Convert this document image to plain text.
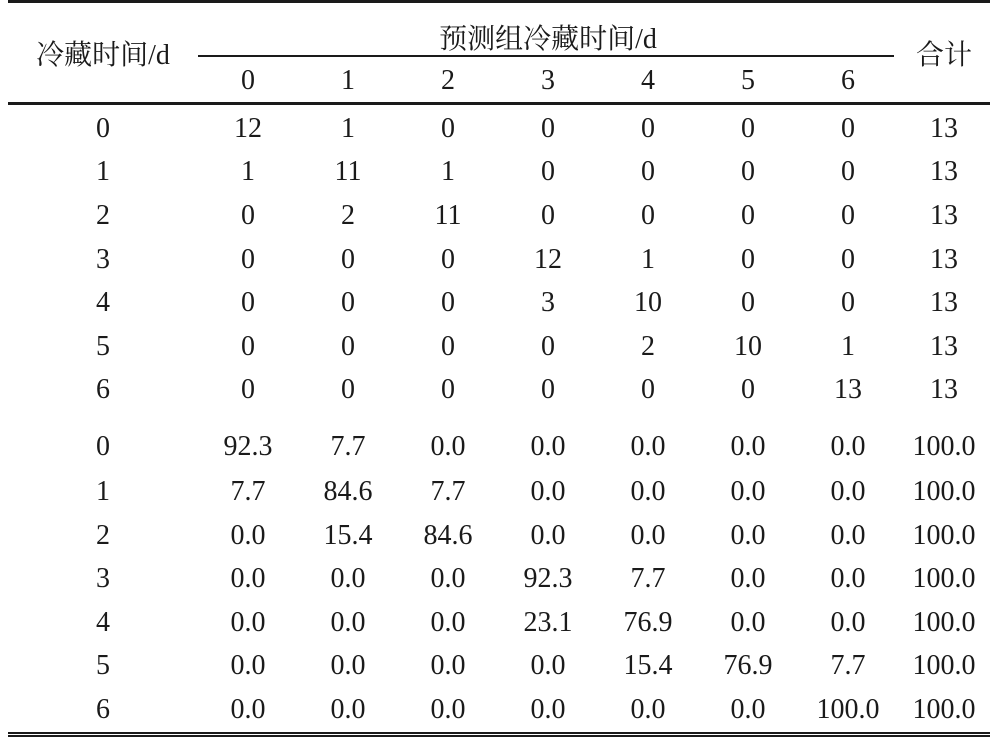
冷藏时间/d	预测组冷藏时间/d							合计
	0	1	2	3	4	5	6	
0	12	1	0	0	0	0	0	13
1	1	11	1	0	0	0	0	13
2	0	2	11	0	0	0	0	13
3	0	0	0	12	1	0	0	13
4	0	0	0	3	10	0	0	13
5	0	0	0	0	2	10	1	13
6	0	0	0	0	0	0	13	13
0	92.3	7.7	0.0	0.0	0.0	0.0	0.0	100.0
1	7.7	84.6	7.7	0.0	0.0	0.0	0.0	100.0
2	0.0	15.4	84.6	0.0	0.0	0.0	0.0	100.0
3	0.0	0.0	0.0	92.3	7.7	0.0	0.0	100.0
4	0.0	0.0	0.0	23.1	76.9	0.0	0.0	100.0
5	0.0	0.0	0.0	0.0	15.4	76.9	7.7	100.0
6	0.0	0.0	0.0	0.0	0.0	0.0	100.0	100.0
